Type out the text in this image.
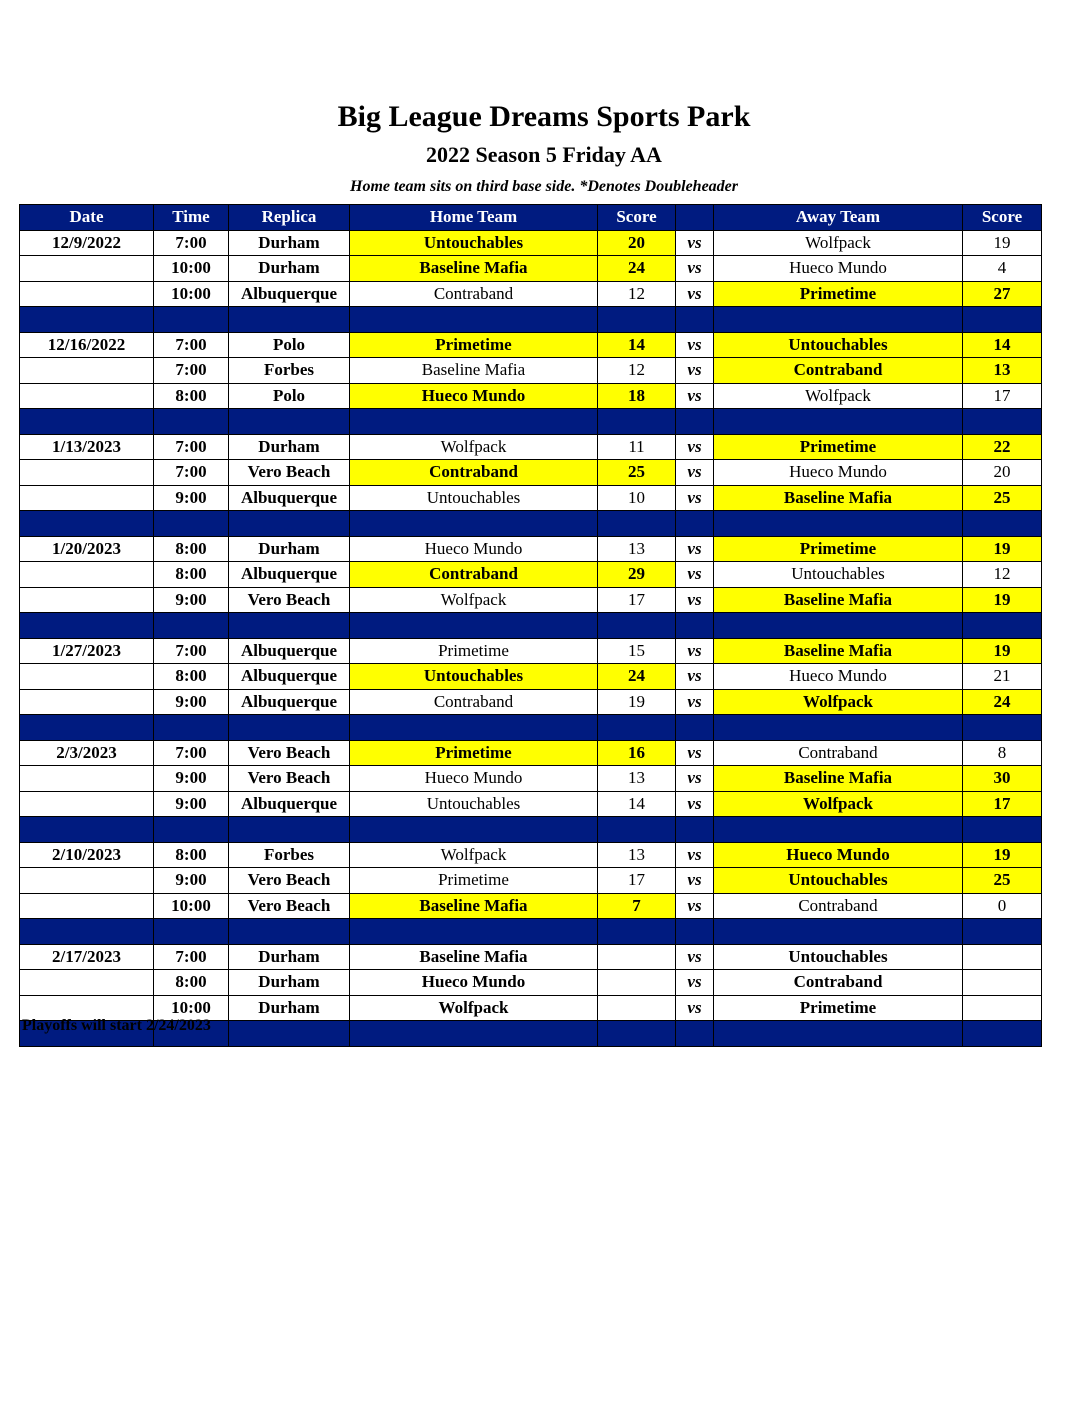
Big League Dreams Sports Park
2022 Season 5 Friday AA
Home team sits on third base side. *Denotes Doubleheader
Date	Time	Replica	Home Team	Score		Away Team	Score
12/9/2022	7:00	Durham	Untouchables	20	vs	Wolfpack	19
	10:00	Durham	Baseline Mafia	24	vs	Hueco Mundo	4
	10:00	Albuquerque	Contraband	12	vs	Primetime	27

12/16/2022	7:00	Polo	Primetime	14	vs	Untouchables	14
	7:00	Forbes	Baseline Mafia	12	vs	Contraband	13
	8:00	Polo	Hueco Mundo	18	vs	Wolfpack	17

1/13/2023	7:00	Durham	Wolfpack	11	vs	Primetime	22
	7:00	Vero Beach	Contraband	25	vs	Hueco Mundo	20
	9:00	Albuquerque	Untouchables	10	vs	Baseline Mafia	25

1/20/2023	8:00	Durham	Hueco Mundo	13	vs	Primetime	19
	8:00	Albuquerque	Contraband	29	vs	Untouchables	12
	9:00	Vero Beach	Wolfpack	17	vs	Baseline Mafia	19

1/27/2023	7:00	Albuquerque	Primetime	15	vs	Baseline Mafia	19
	8:00	Albuquerque	Untouchables	24	vs	Hueco Mundo	21
	9:00	Albuquerque	Contraband	19	vs	Wolfpack	24

2/3/2023	7:00	Vero Beach	Primetime	16	vs	Contraband	8
	9:00	Vero Beach	Hueco Mundo	13	vs	Baseline Mafia	30
	9:00	Albuquerque	Untouchables	14	vs	Wolfpack	17

2/10/2023	8:00	Forbes	Wolfpack	13	vs	Hueco Mundo	19
	9:00	Vero Beach	Primetime	17	vs	Untouchables	25
	10:00	Vero Beach	Baseline Mafia	7	vs	Contraband	0

2/17/2023	7:00	Durham	Baseline Mafia		vs	Untouchables	
	8:00	Durham	Hueco Mundo		vs	Contraband	
	10:00	Durham	Wolfpack		vs	Primetime	

Playoffs will start 2/24/2023
